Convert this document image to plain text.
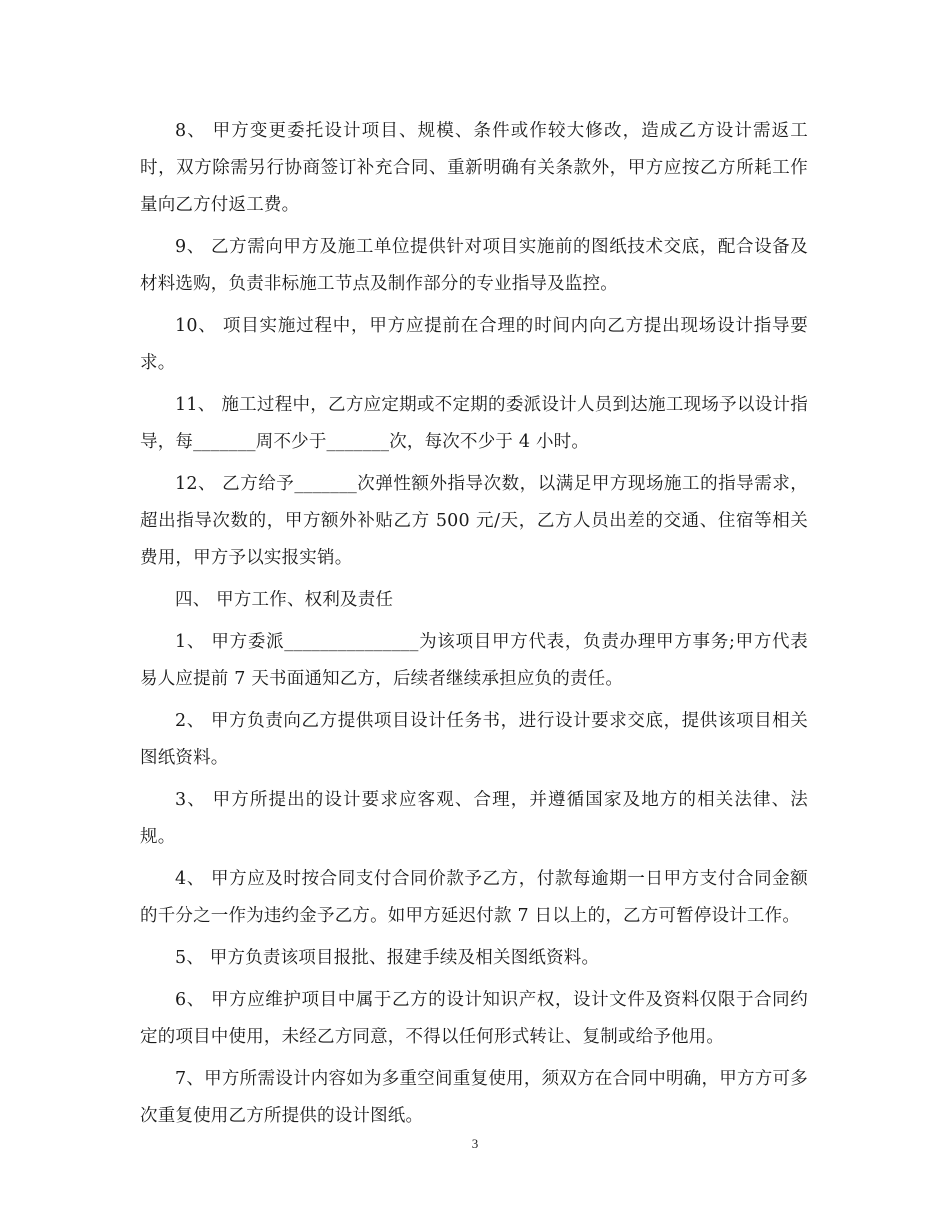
8、 甲方变更委托设计项目、规模、条件或作较大修改，造成乙方设计需返工时，双方除需另行协商签订补充合同、重新明确有关条款外，甲方应按乙方所耗工作量向乙方付返工费。

9、 乙方需向甲方及施工单位提供针对项目实施前的图纸技术交底，配合设备及材料选购，负责非标施工节点及制作部分的专业指导及监控。

10、 项目实施过程中，甲方应提前在合理的时间内向乙方提出现场设计指导要求。

11、 施工过程中，乙方应定期或不定期的委派设计人员到达施工现场予以设计指导，每_______周不少于_______次，每次不少于 4 小时。

12、 乙方给予_______次弹性额外指导次数，以满足甲方现场施工的指导需求，超出指导次数的，甲方额外补贴乙方 500 元/天，乙方人员出差的交通、住宿等相关费用，甲方予以实报实销。

四、 甲方工作、权利及责任

1、 甲方委派_______________为该项目甲方代表，负责办理甲方事务;甲方代表易人应提前 7 天书面通知乙方，后续者继续承担应负的责任。

2、 甲方负责向乙方提供项目设计任务书，进行设计要求交底，提供该项目相关图纸资料。

3、 甲方所提出的设计要求应客观、合理，并遵循国家及地方的相关法律、法规。

4、 甲方应及时按合同支付合同价款予乙方，付款每逾期一日甲方支付合同金额的千分之一作为违约金予乙方。如甲方延迟付款 7 日以上的，乙方可暂停设计工作。

5、 甲方负责该项目报批、报建手续及相关图纸资料。

6、 甲方应维护项目中属于乙方的设计知识产权，设计文件及资料仅限于合同约定的项目中使用，未经乙方同意，不得以任何形式转让、复制或给予他用。

7、甲方所需设计内容如为多重空间重复使用，须双方在合同中明确，甲方方可多次重复使用乙方所提供的设计图纸。

3
